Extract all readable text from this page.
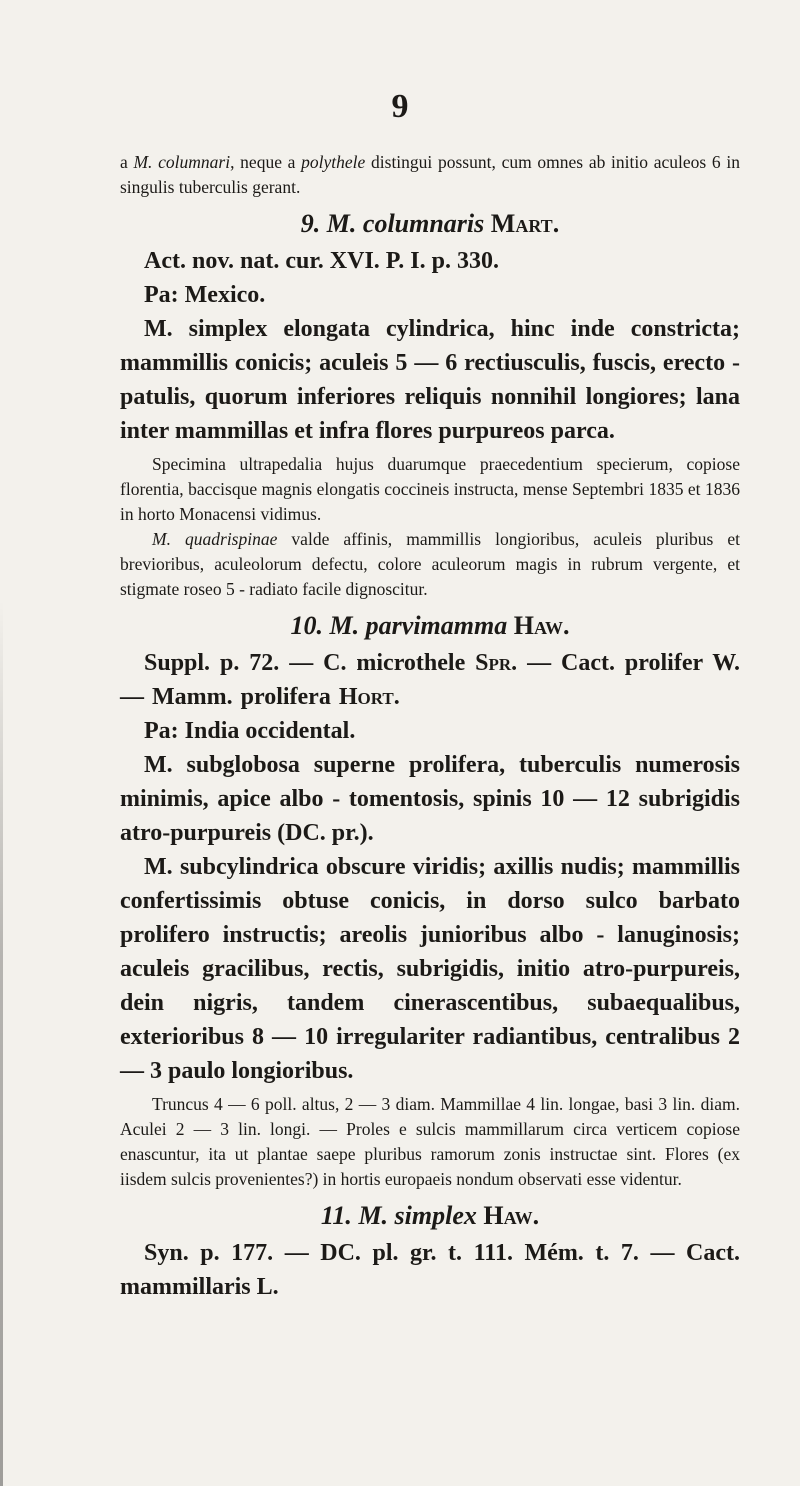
9

a M. columnari, neque a polythele distingui possunt, cum omnes ab initio aculeos 6 in singulis tuberculis gerant.

9. M. columnaris Mart.

Act. nov. nat. cur. XVI. P. I. p. 330.

Pa: Mexico.

M. simplex elongata cylindrica, hinc inde constricta; mammillis conicis; aculeis 5 — 6 rectiusculis, fuscis, erecto - patulis, quorum inferiores reliquis nonnihil longiores; lana inter mammillas et infra flores purpureos parca.

Specimina ultrapedalia hujus duarumque praecedentium specierum, copiose florentia, baccisque magnis elongatis coccineis instructa, mense Septembri 1835 et 1836 in horto Monacensi vidimus.

M. quadrispinae valde affinis, mammillis longioribus, aculeis pluribus et brevioribus, aculeolorum defectu, colore aculeorum magis in rubrum vergente, et stigmate roseo 5 - radiato facile dignoscitur.

10. M. parvimamma Haw.

Suppl. p. 72. — C. microthele Spr. — Cact. prolifer W. — Mamm. prolifera Hort.

Pa: India occidental.

M. subglobosa superne prolifera, tuberculis numerosis minimis, apice albo - tomentosis, spinis 10 — 12 subrigidis atro-purpureis (DC. pr.).

M. subcylindrica obscure viridis; axillis nudis; mammillis confertissimis obtuse conicis, in dorso sulco barbato prolifero instructis; areolis junioribus albo - lanuginosis; aculeis gracilibus, rectis, subrigidis, initio atro-purpureis, dein nigris, tandem cinerascentibus, subaequalibus, exterioribus 8 — 10 irregulariter radiantibus, centralibus 2 — 3 paulo longioribus.

Truncus 4 — 6 poll. altus, 2 — 3 diam. Mammillae 4 lin. longae, basi 3 lin. diam. Aculei 2 — 3 lin. longi. — Proles e sulcis mammillarum circa verticem copiose enascuntur, ita ut plantae saepe pluribus ramorum zonis instructae sint. Flores (ex iisdem sulcis provenientes?) in hortis europaeis nondum observati esse videntur.

11. M. simplex Haw.

Syn. p. 177. — DC. pl. gr. t. 111. Mém. t. 7. — Cact. mammillaris L.
